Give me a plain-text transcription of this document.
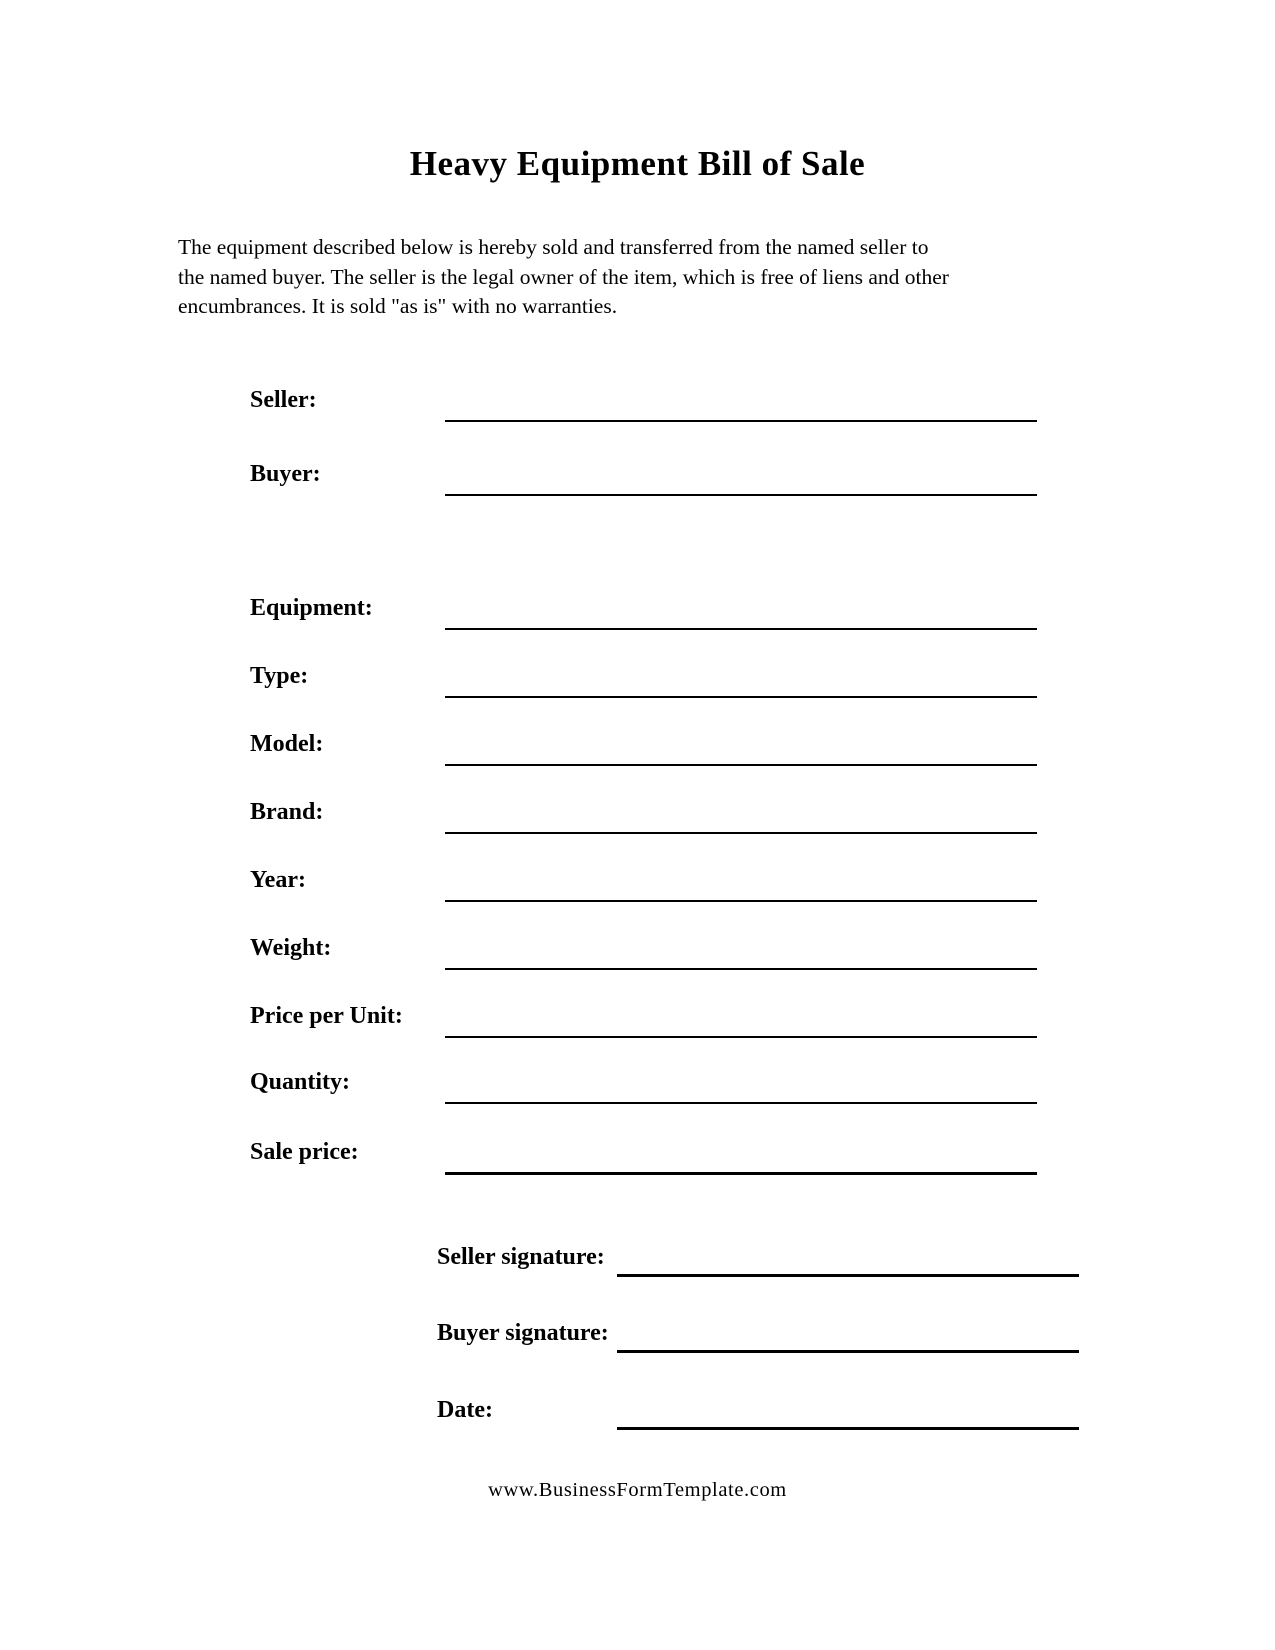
Heavy Equipment Bill of Sale
The equipment described below is hereby sold and transferred from the named seller to
the named buyer. The seller is the legal owner of the item, which is free of liens and other
encumbrances. It is sold "as is" with no warranties.
Seller:
Buyer:
Equipment:
Type:
Model:
Brand:
Year:
Weight:
Price per Unit:
Quantity:
Sale price:
Seller signature:
Buyer signature:
Date:
www.BusinessFormTemplate.com
